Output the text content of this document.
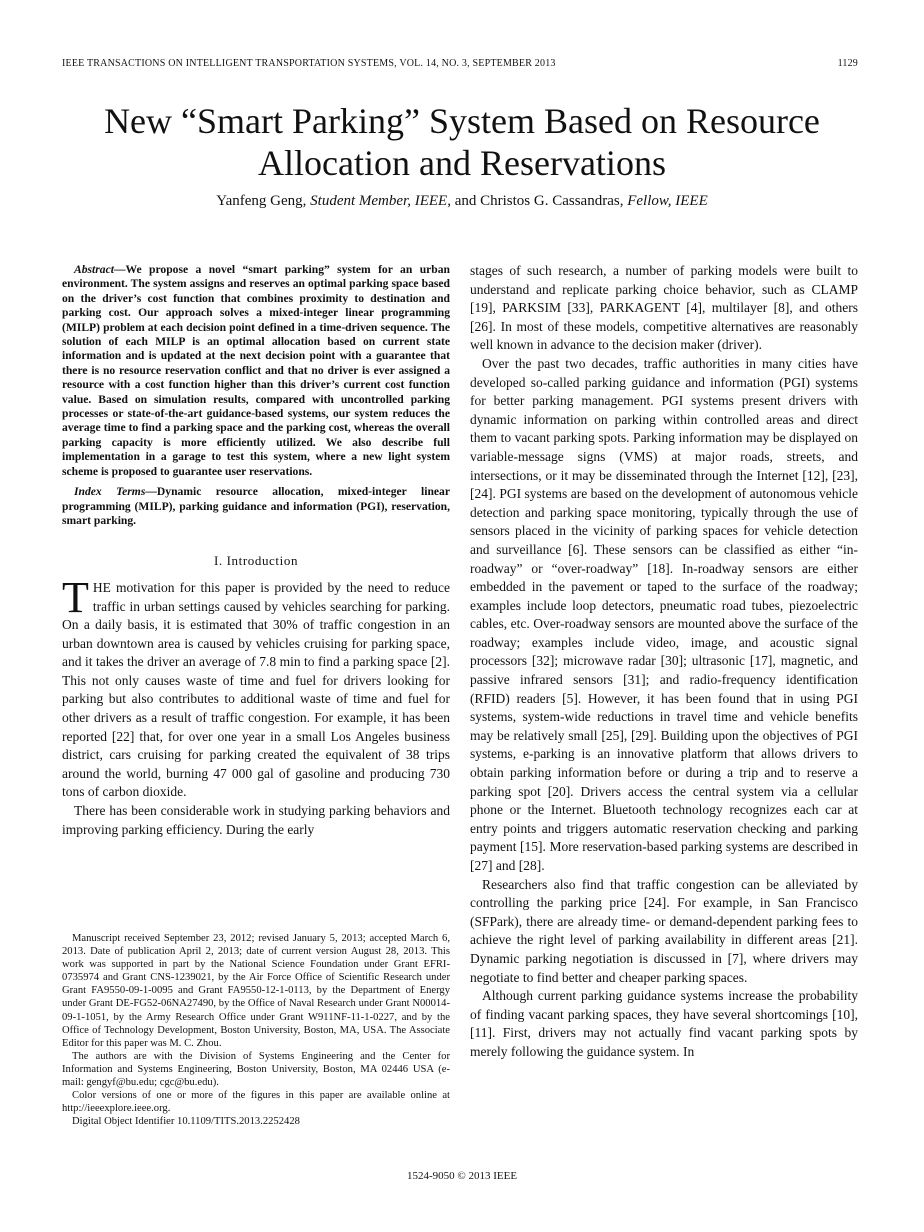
IEEE TRANSACTIONS ON INTELLIGENT TRANSPORTATION SYSTEMS, VOL. 14, NO. 3, SEPTEMBER 2013	1129
New “Smart Parking” System Based on Resource
Allocation and Reservations
Yanfeng Geng, Student Member, IEEE, and Christos G. Cassandras, Fellow, IEEE

Abstract—We propose a novel “smart parking” system for an urban environment. The system assigns and reserves an optimal parking space based on the driver’s cost function that combines proximity to destination and parking cost. Our approach solves a mixed-integer linear programming (MILP) problem at each decision point defined in a time-driven sequence. The solution of each MILP is an optimal allocation based on current state information and is updated at the next decision point with a guarantee that there is no resource reservation conflict and that no driver is ever assigned a resource with a cost function higher than this driver’s current cost function value. Based on simulation results, compared with uncontrolled parking processes or state-of-the-art guidance-based systems, our system reduces the average time to find a parking space and the parking cost, whereas the overall parking capacity is more efficiently utilized. We also describe full implementation in a garage to test this system, where a new light system scheme is proposed to guarantee user reservations.

Index Terms—Dynamic resource allocation, mixed-integer linear programming (MILP), parking guidance and information (PGI), reservation, smart parking.

I. Introduction

THE motivation for this paper is provided by the need to reduce traffic in urban settings caused by vehicles searching for parking. On a daily basis, it is estimated that 30% of traffic congestion in an urban downtown area is caused by vehicles cruising for parking space, and it takes the driver an average of 7.8 min to find a parking space [2]. This not only causes waste of time and fuel for drivers looking for parking but also contributes to additional waste of time and fuel for other drivers as a result of traffic congestion. For example, it has been reported [22] that, for over one year in a small Los Angeles business district, cars cruising for parking created the equivalent of 38 trips around the world, burning 47 000 gal of gasoline and producing 730 tons of carbon dioxide.

There has been considerable work in studying parking behaviors and improving parking efficiency. During the early

Manuscript received September 23, 2012; revised January 5, 2013; accepted March 6, 2013. Date of publication April 2, 2013; date of current version August 28, 2013. This work was supported in part by the National Science Foundation under Grant EFRI-0735974 and Grant CNS-1239021, by the Air Force Office of Scientific Research under Grant FA9550-09-1-0095 and Grant FA9550-12-1-0113, by the Department of Energy under Grant DE-FG52-06NA27490, by the Office of Naval Research under Grant N00014-09-1-1051, by the Army Research Office under Grant W911NF-11-1-0227, and by the Office of Technology Development, Boston University, Boston, MA, USA. The Associate Editor for this paper was M. C. Zhou.

The authors are with the Division of Systems Engineering and the Center for Information and Systems Engineering, Boston University, Boston, MA 02446 USA (e-mail: gengyf@bu.edu; cgc@bu.edu).

Color versions of one or more of the figures in this paper are available online at http://ieeexplore.ieee.org.

Digital Object Identifier 10.1109/TITS.2013.2252428

stages of such research, a number of parking models were built to understand and replicate parking choice behavior, such as CLAMP [19], PARKSIM [33], PARKAGENT [4], multilayer [8], and others [26]. In most of these models, competitive alternatives are reasonably well known in advance to the decision maker (driver).

Over the past two decades, traffic authorities in many cities have developed so-called parking guidance and information (PGI) systems for better parking management. PGI systems present drivers with dynamic information on parking within controlled areas and direct them to vacant parking spots. Parking information may be displayed on variable-message signs (VMS) at major roads, streets, and intersections, or it may be disseminated through the Internet [12], [23], [24]. PGI systems are based on the development of autonomous vehicle detection and parking space monitoring, typically through the use of sensors placed in the vicinity of parking spaces for vehicle detection and surveillance [6]. These sensors can be classified as either “in-roadway” or “over-roadway” [18]. In-roadway sensors are either embedded in the pavement or taped to the surface of the roadway; examples include loop detectors, pneumatic road tubes, piezoelectric cables, etc. Over-roadway sensors are mounted above the surface of the roadway; examples include video, image, and acoustic signal processors [32]; microwave radar [30]; ultrasonic [17], magnetic, and passive infrared sensors [31]; and radio-frequency identification (RFID) readers [5]. However, it has been found that in using PGI systems, system-wide reductions in travel time and vehicle benefits may be relatively small [25], [29]. Building upon the objectives of PGI systems, e-parking is an innovative platform that allows drivers to obtain parking information before or during a trip and to reserve a parking spot [20]. Drivers access the central system via a cellular phone or the Internet. Bluetooth technology recognizes each car at entry points and triggers automatic reservation checking and parking payment [15]. More reservation-based parking systems are described in [27] and [28].

Researchers also find that traffic congestion can be alleviated by controlling the parking price [24]. For example, in San Francisco (SFPark), there are already time- or demand-dependent parking fees to achieve the right level of parking availability in different areas [21]. Dynamic parking negotiation is discussed in [7], where drivers may negotiate to find better and cheaper parking spaces.

Although current parking guidance systems increase the probability of finding vacant parking spaces, they have several shortcomings [10], [11]. First, drivers may not actually find vacant parking spots by merely following the guidance system. In

1524-9050 © 2013 IEEE
